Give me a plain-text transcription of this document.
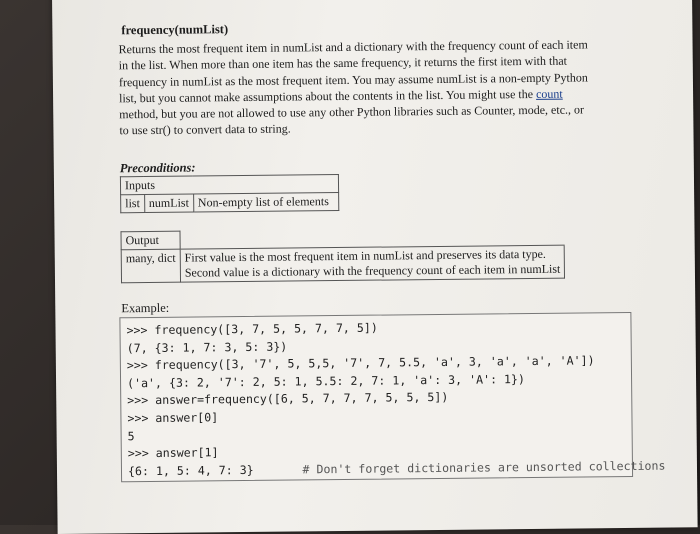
frequency(numList)
Returns the most frequent item in numList and a dictionary with the frequency count of each item
in the list. When more than one item has the same frequency, it returns the first item with that
frequency in numList as the most frequent item. You may assume numList is a non-empty Python
list, but you cannot make assumptions about the contents in the list. You might use the count
method, but you are not allowed to use any other Python libraries such as Counter, mode, etc., or
to use str() to convert data to string.
Preconditions:
Inputs
list	numList	Non-empty list of elements
Output	
many, dict	First value is the most frequent item in numList and preserves its data type.
Second value is a dictionary with the frequency count of each item in numList
Example:
>>> frequency([3, 7, 5, 5, 7, 7, 5])
(7, {3: 1, 7: 3, 5: 3})
>>> frequency([3, '7', 5, 5,5, '7', 7, 5.5, 'a', 3, 'a', 'a', 'A'])
('a', {3: 2, '7': 2, 5: 1, 5.5: 2, 7: 1, 'a': 3, 'A': 1})
>>> answer=frequency([6, 5, 7, 7, 7, 5, 5, 5])
>>> answer[0]
5
>>> answer[1]
{6: 1, 5: 4, 7: 3}	# Don't forget dictionaries are unsorted collections
